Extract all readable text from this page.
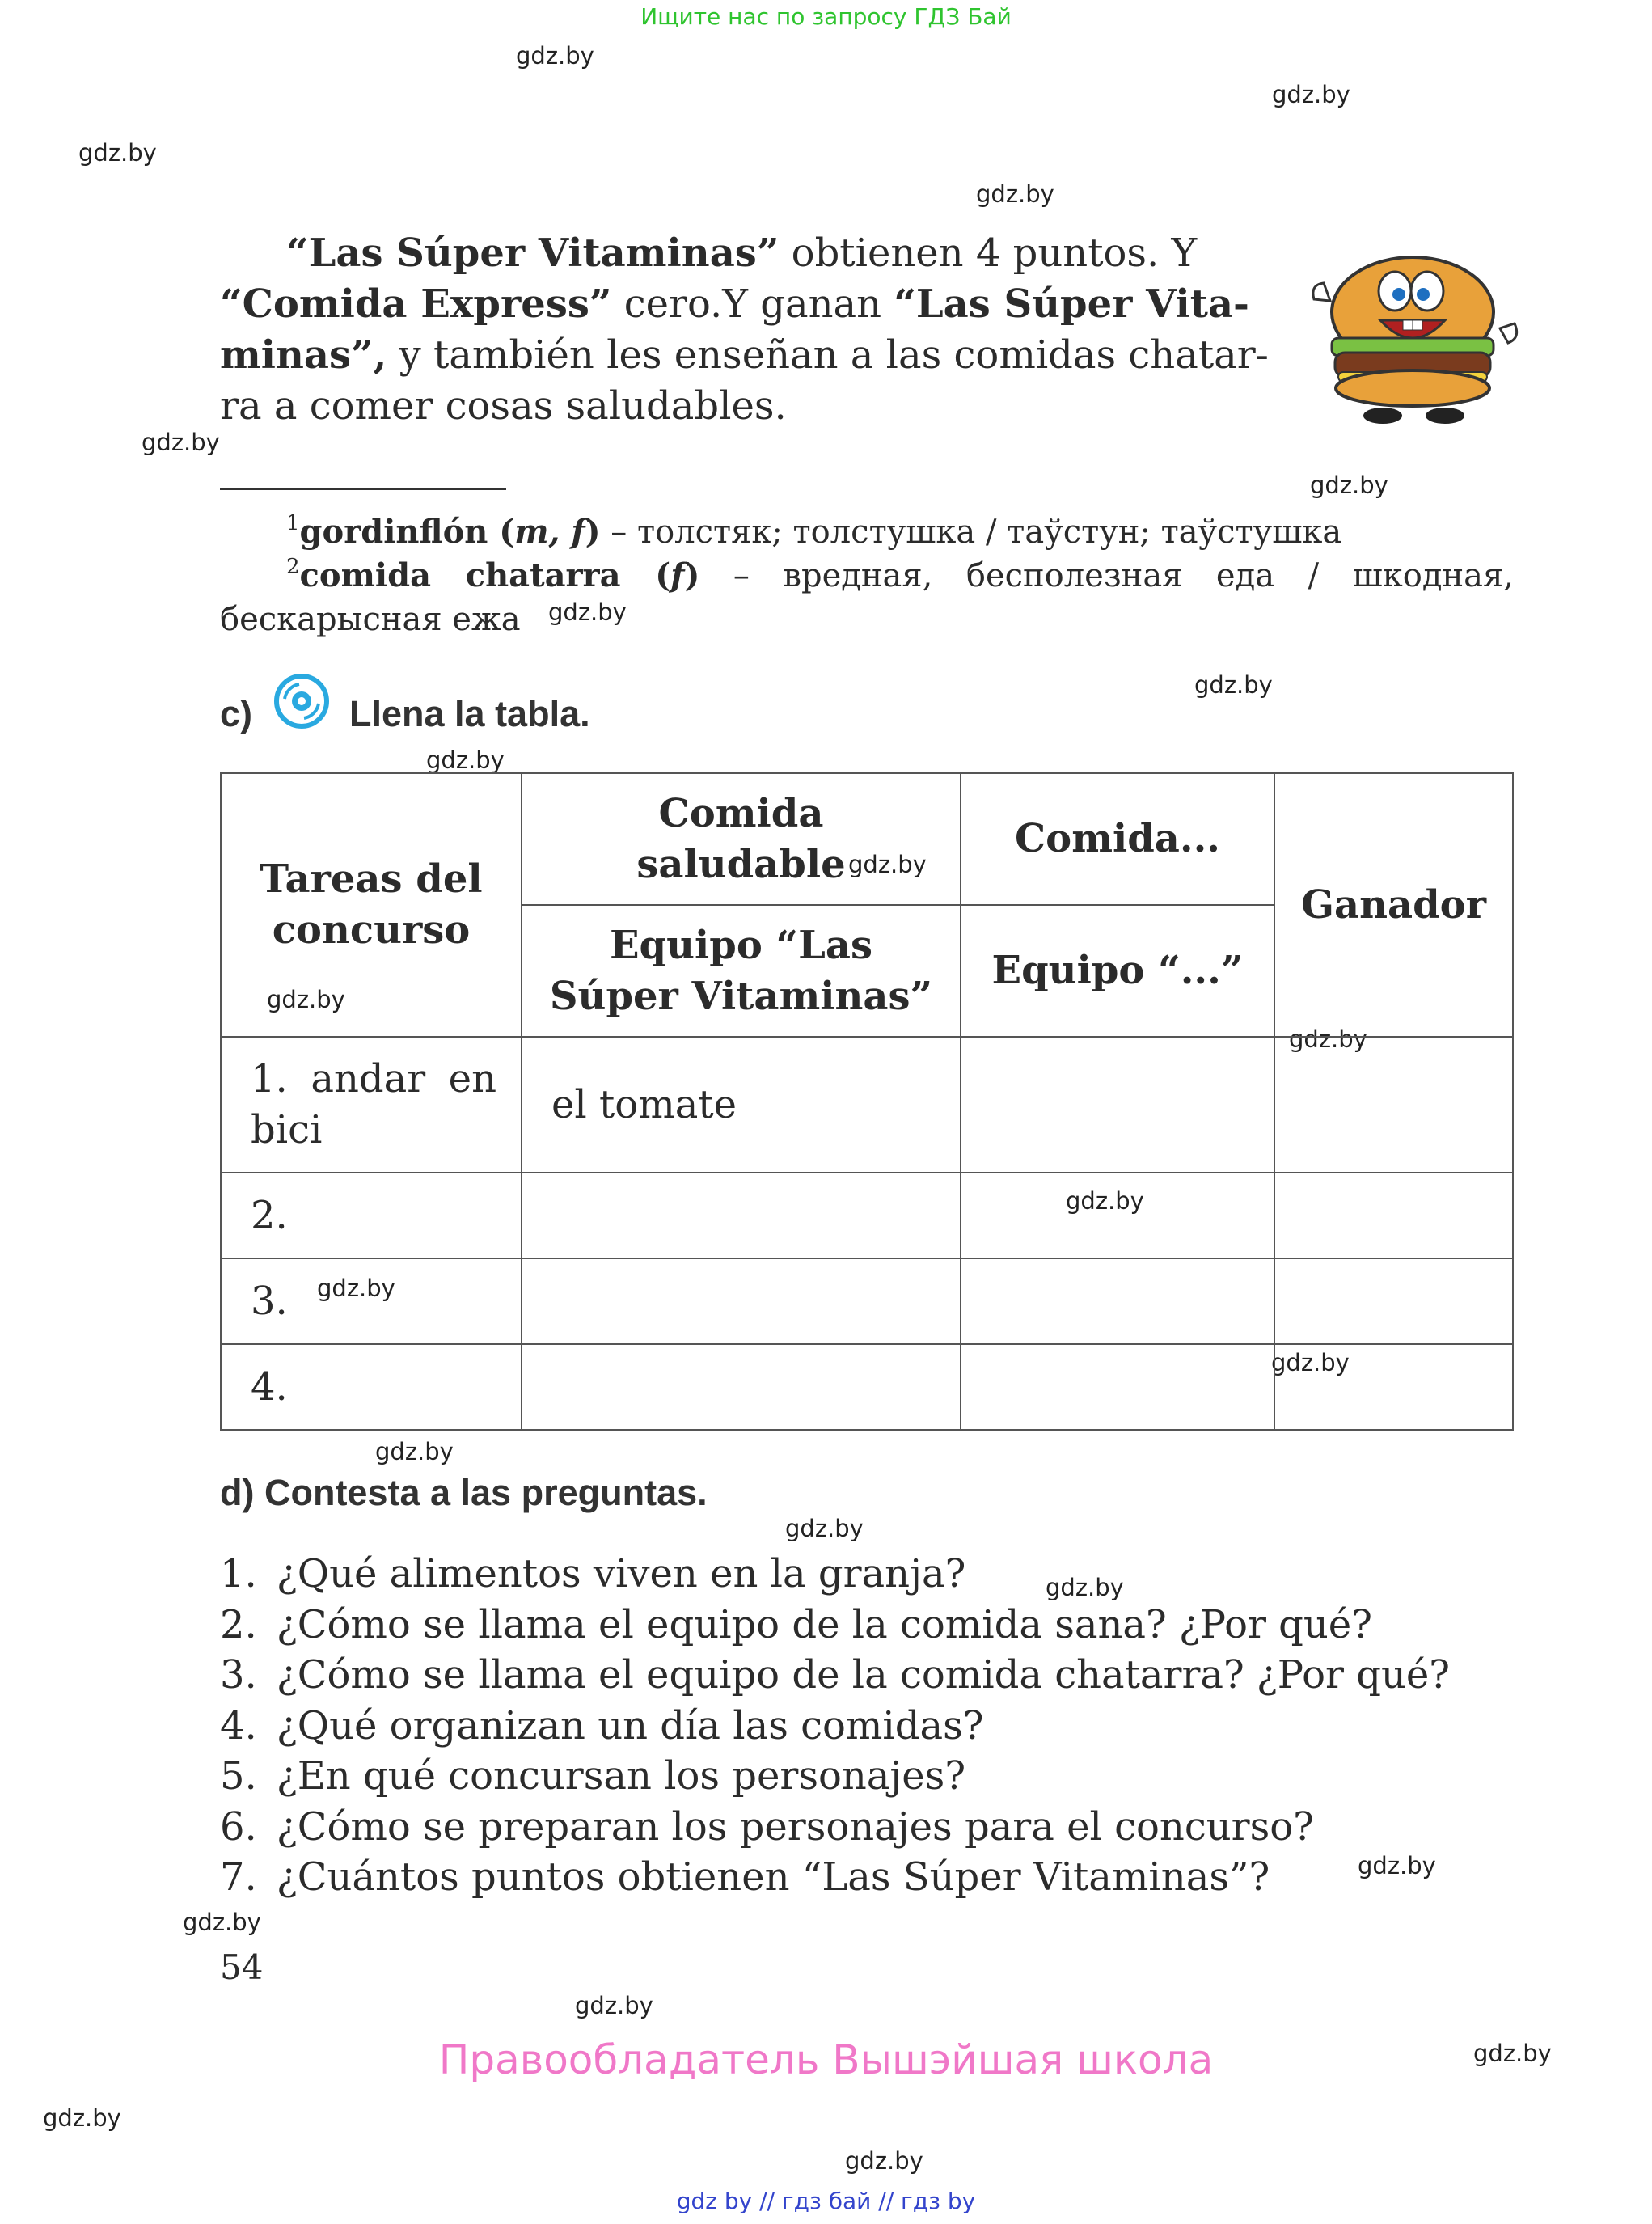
Ищите нас по запросу ГДЗ Бай
gdz.by
gdz.by
gdz.by
gdz.by
gdz.by
gdz.by
gdz.by
gdz.by
gdz.by
gdz.by
gdz.by
gdz.by
gdz.by
gdz.by
gdz.by
gdz.by
gdz.by
gdz.by
gdz.by
gdz.by
gdz.by
gdz.by
gdz.by
gdz.by
“Las Súper Vitaminas” obtienen 4 puntos. Y
“Comida Express” cero.Y ganan “Las Súper Vita-
minas”, y también les enseñan a las comidas chatar-
ra a comer cosas saludables.
$^1$gordinflón (m, f) – толстяк; толстушка / таўстун; таўстушка
$^2$comida chatarra (f) – вредная, бесполезная еда / шкодная, бескарысная ежа
c)	Llena la tabla.
Tareas del concurso	Comida saludable	Comida...	Ganador
	Equipo “Las Súper Vitaminas”	Equipo “...”	
1. andar en bici	el tomate		
2.			
3.			
4.			
d) Contesta a las preguntas.
1. ¿Qué alimentos viven en la granja?
2. ¿Cómo se llama el equipo de la comida sana? ¿Por qué?
3. ¿Cómo se llama el equipo de la comida chatarra? ¿Por qué?
4. ¿Qué organizan un día las comidas?
5. ¿En qué concursan los personajes?
6. ¿Cómo se preparan los personajes para el concurso?
7. ¿Cuántos puntos obtienen “Las Súper Vitaminas”?
54
Правообладатель Вышэйшая школа
gdz by // гдз бай // гдз by
